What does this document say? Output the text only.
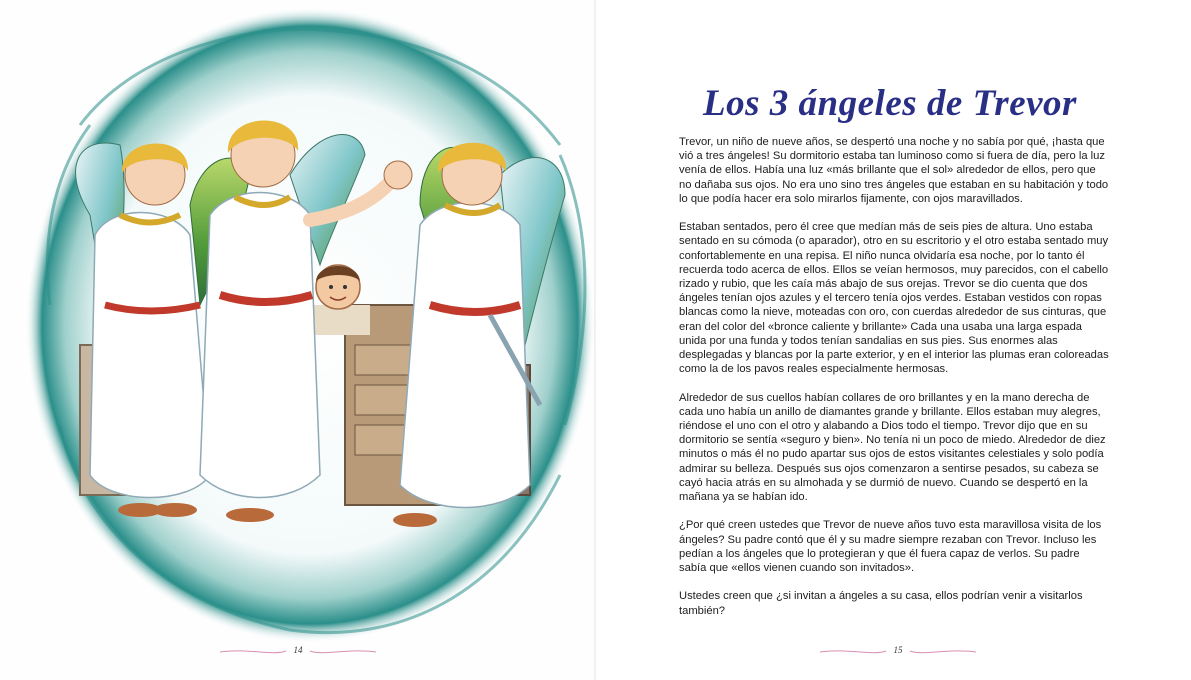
14
Los 3 ángeles de Trevor

Trevor, un niño de nueve años, se despertó una noche y no sabía por qué, ¡hasta que vió a tres ángeles! Su dormitorio estaba tan luminoso como si fuera de día, pero la luz venía de ellos. Había una luz «más brillante que el sol» alrededor de ellos, pero que no dañaba sus ojos. No era uno sino tres ángeles que estaban en su habitación y todo lo que podía hacer era solo mirarlos fijamente, con ojos maravillados.

Estaban sentados, pero él cree que medían más de seis pies de altura. Uno estaba sentado en su cómoda (o aparador), otro en su escritorio y el otro estaba sentado muy confortablemente en una repisa. El niño nunca olvidaría esa noche, por lo tanto él recuerda todo acerca de ellos. Ellos se veían hermosos, muy parecidos, con el cabello rizado y rubio, que les caía más abajo de sus orejas. Trevor se dio cuenta que dos ángeles tenían ojos azules y el tercero tenía ojos verdes. Estaban vestidos con ropas blancas como la nieve, moteadas con oro, con cuerdas alrededor de sus cinturas, que eran del color del «bronce caliente y brillante» Cada una usaba una larga espada unida por una funda y todos tenían sandalias en sus pies. Sus enormes alas desplegadas y blancas por la parte exterior, y en el interior las plumas eran coloreadas como la de los pavos reales especialmente hermosas.

Alrededor de sus cuellos habían collares de oro brillantes y en la mano derecha de cada uno había un anillo de diamantes grande y brillante. Ellos estaban muy alegres, riéndose el uno con el otro y alabando a Dios todo el tiempo. Trevor dijo que en su dormitorio se sentía «seguro y bien». No tenía ni un poco de miedo. Alrededor de diez minutos o más él no pudo apartar sus ojos de estos visitantes celestiales y solo podía admirar su belleza. Después sus ojos comenzaron a sentirse pesados, su cabeza se cayó hacia atrás en su almohada y se durmió de nuevo. Cuando se despertó en la mañana ya se habían ido.

¿Por qué creen ustedes que Trevor de nueve años tuvo esta maravillosa visita de los ángeles? Su padre contó que él y su madre siempre rezaban con Trevor. Incluso les pedían a los ángeles que lo protegieran y que él fuera capaz de verlos. Su padre sabía que «ellos vienen cuando son invitados».

Ustedes creen que ¿si invitan a ángeles a su casa, ellos podrían venir a visitarlos también?

15
